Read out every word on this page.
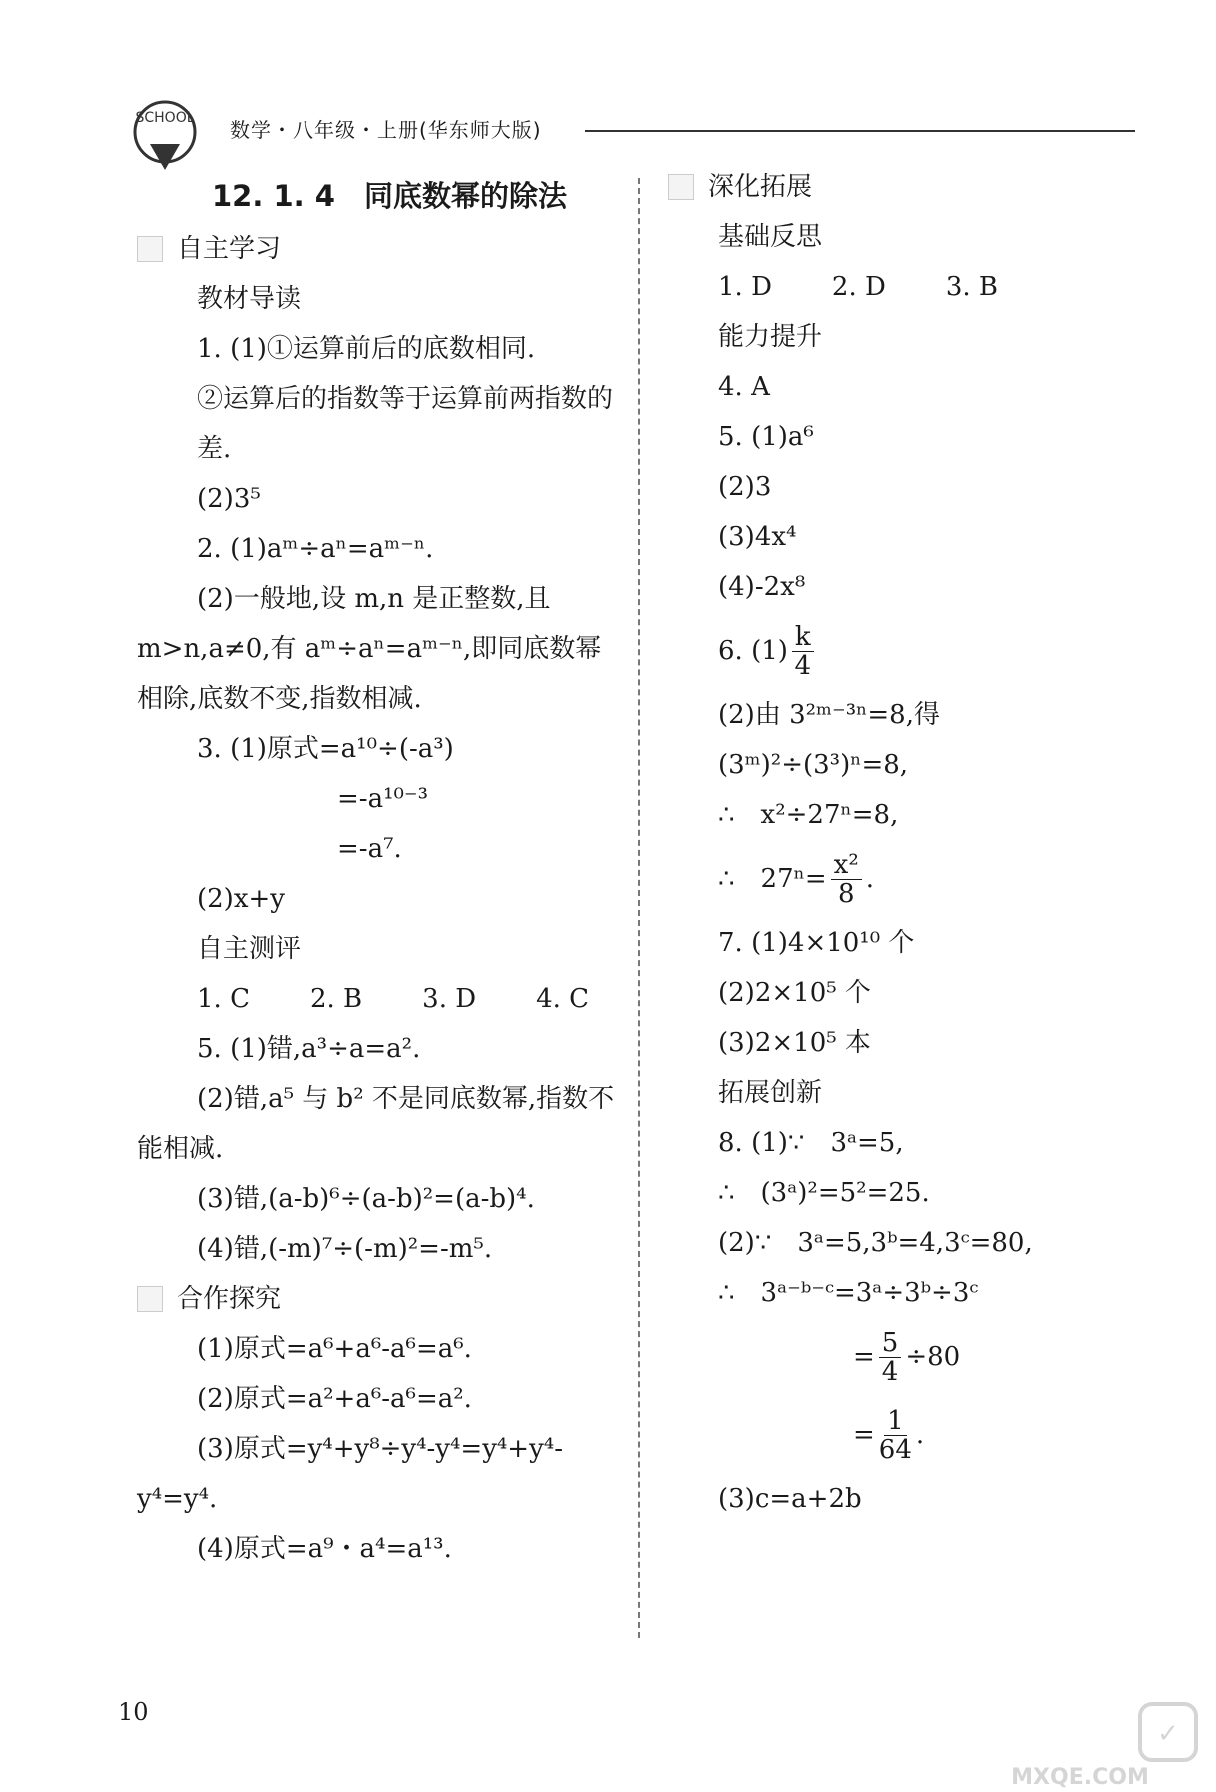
SCHOOL 数学・八年级・上册(华东师大版)
12. 1. 4　同底数幂的除法
自主学习
教材导读
1. (1)①运算前后的底数相同.
②运算后的指数等于运算前两指数的差.
(2)3⁵
2. (1)aᵐ÷aⁿ=aᵐ⁻ⁿ.
(2)一般地,设 m,n 是正整数,且 m>n,a≠0,有 aᵐ÷aⁿ=aᵐ⁻ⁿ,即同底数幂相除,底数不变,指数相减.
3. (1)原式=a¹⁰÷(-a³)
=-a¹⁰⁻³
=-a⁷.
(2)x+y
自主测评
1. C 2. B 3. D 4. C
5. (1)错,a³÷a=a².
(2)错,a⁵ 与 b² 不是同底数幂,指数不能相减.
(3)错,(a-b)⁶÷(a-b)²=(a-b)⁴.
(4)错,(-m)⁷÷(-m)²=-m⁵.
合作探究
(1)原式=a⁶+a⁶-a⁶=a⁶.
(2)原式=a²+a⁶-a⁶=a².
(3)原式=y⁴+y⁸÷y⁴-y⁴=y⁴+y⁴-y⁴=y⁴.
(4)原式=a⁹・a⁴=a¹³.
深化拓展
基础反思
1. D 2. D 3. B
能力提升
4. A
5. (1)a⁶
(2)3
(3)4x⁴
(4)-2x⁸
6. $(1) \frac{k}{4}$
(2)由 3²ᵐ⁻³ⁿ=8,得
(3ᵐ)²÷(3³)ⁿ=8,
∴　x²÷27ⁿ=8,
∴　$27^n= \frac{\text{x²}}{8}$ .
7. (1)4×10¹⁰ 个
(2)2×10⁵ 个
(3)2×10⁵ 本
拓展创新
8. (1)∵　3ᵃ=5,
∴　(3ᵃ)²=5²=25.
(2)∵　3ᵃ=5,3ᵇ=4,3ᶜ=80,
∴　3ᵃ⁻ᵇ⁻ᶜ=3ᵃ÷3ᵇ÷3ᶜ
= $\frac{5}{4} \div 80$
= $\frac{1}{64}$ .
(3)c=a+2b
10
✓
MXQE.COM
